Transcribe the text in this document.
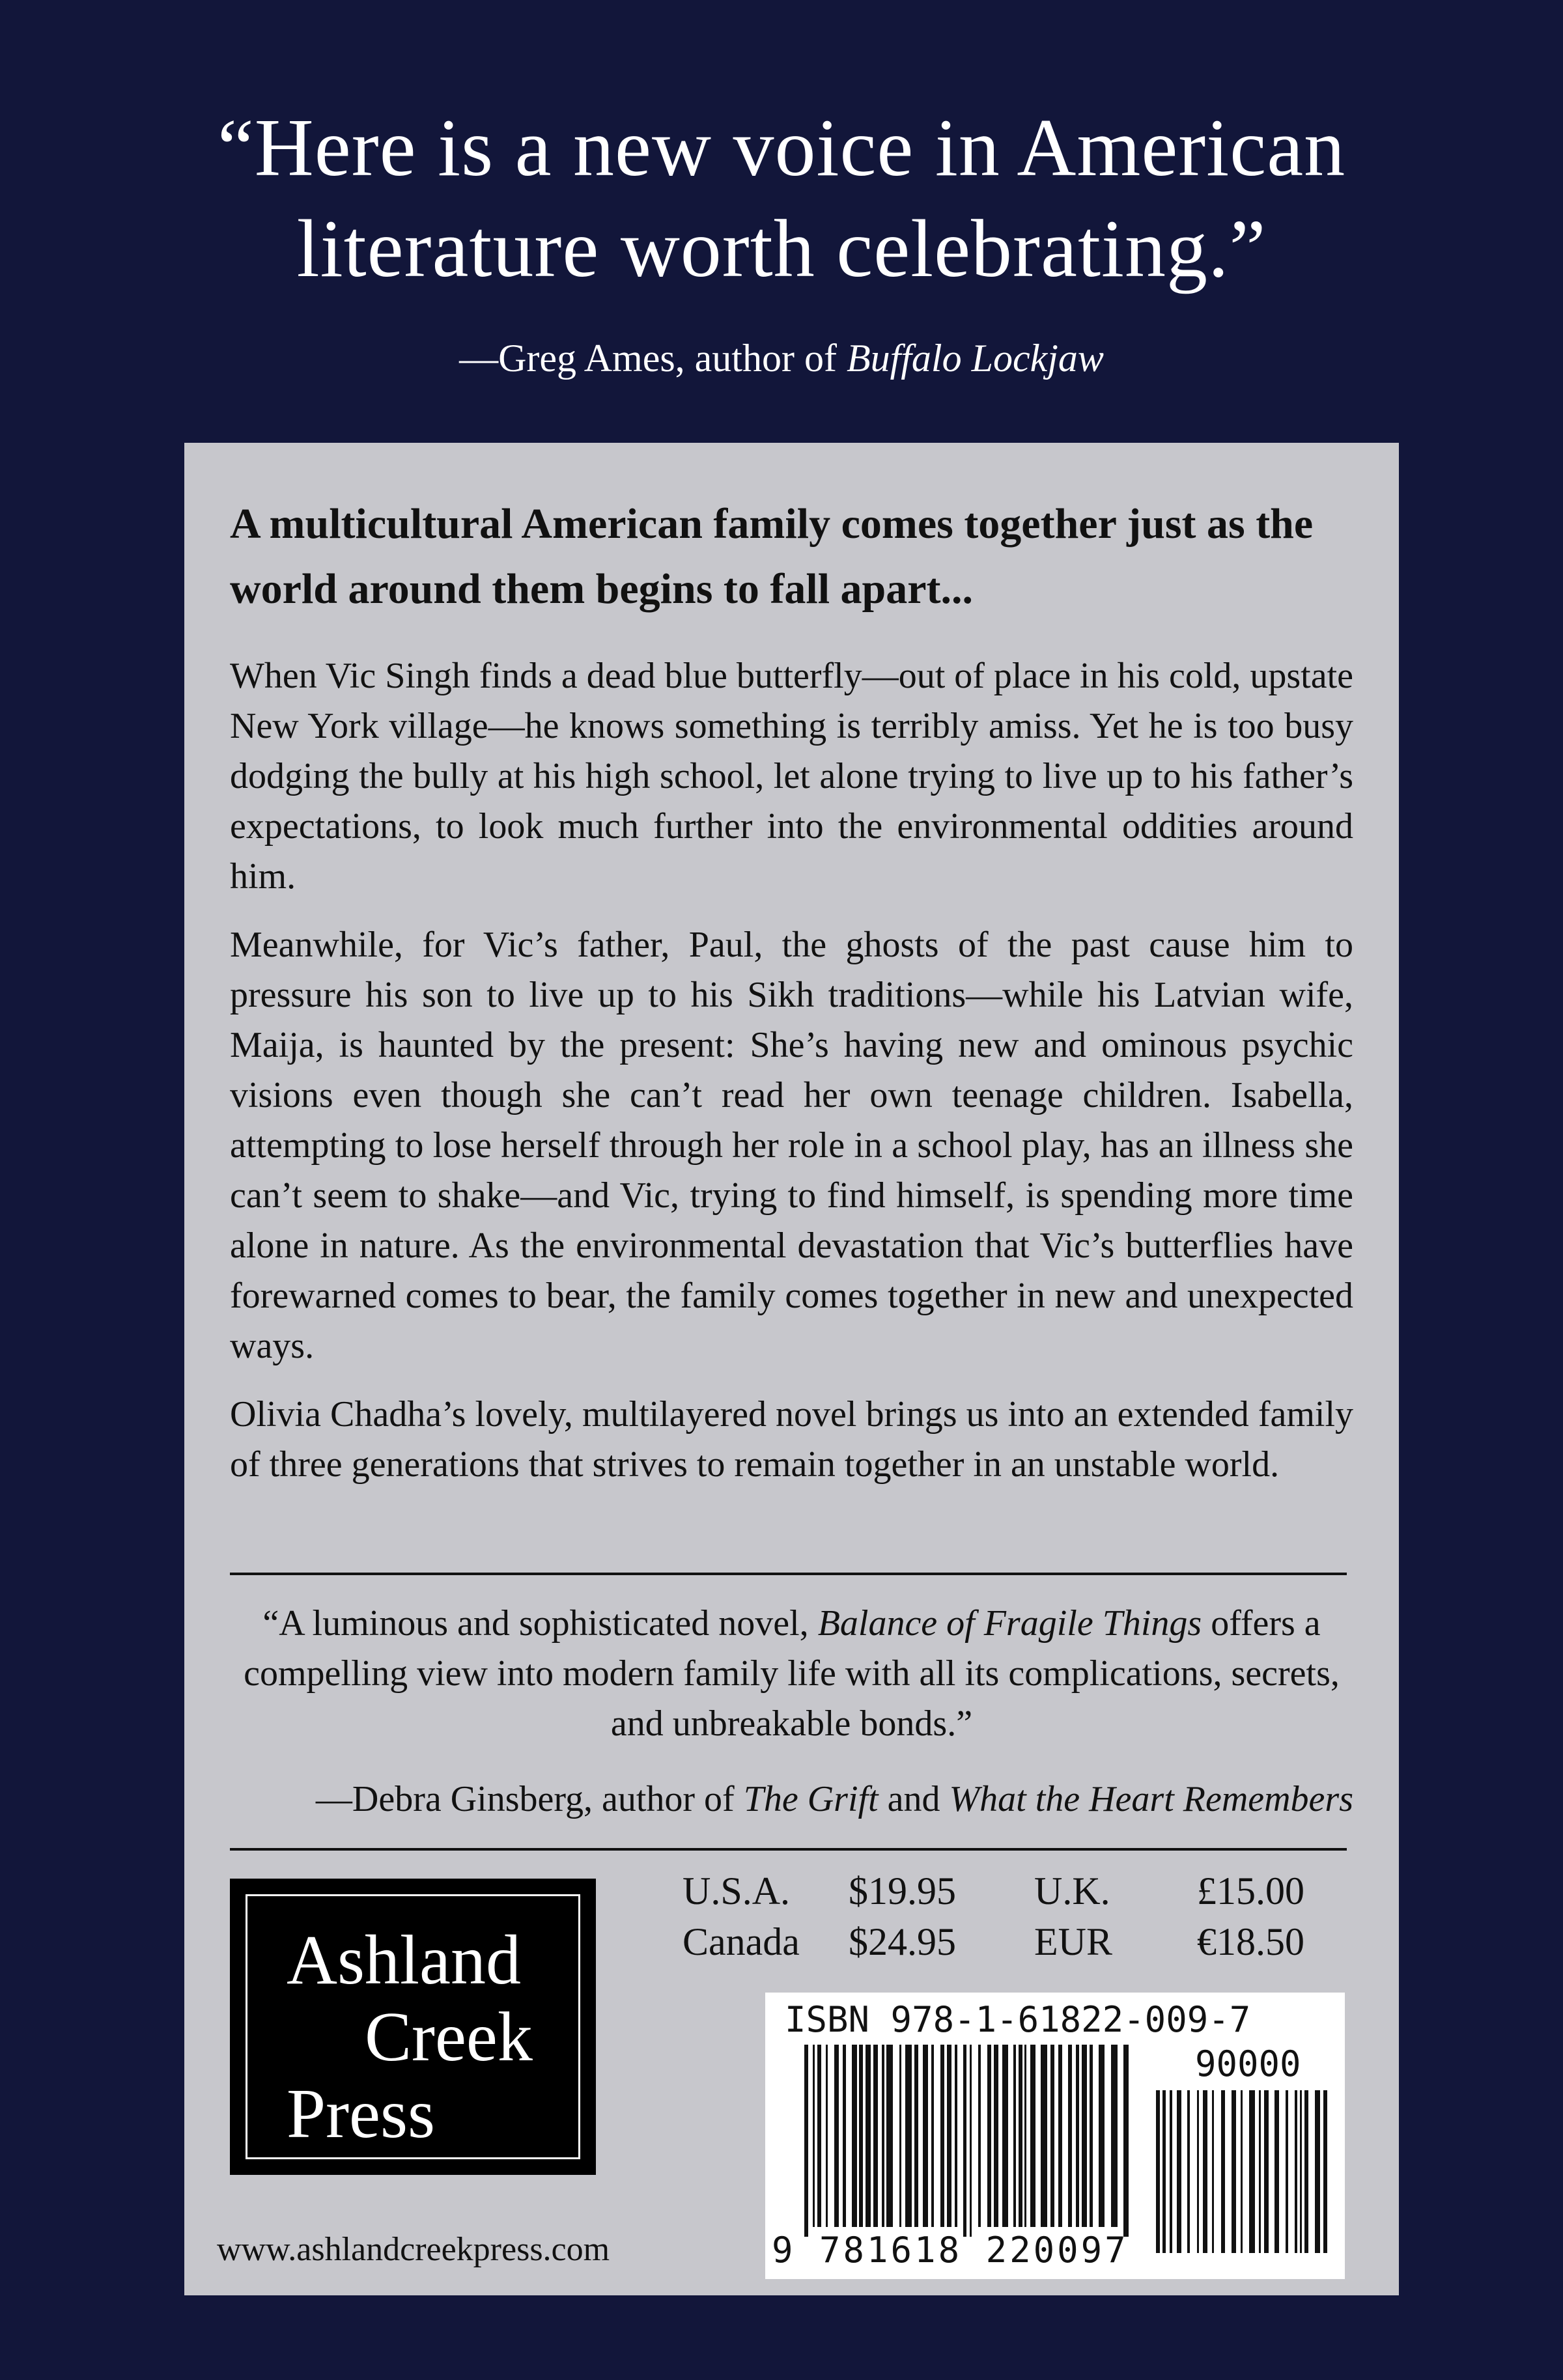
“Here is a new voice in American
literature worth celebrating.”
—Greg Ames, author of Buffalo Lockjaw
A multicultural American family comes together just as the world around them begins to fall apart...

When Vic Singh finds a dead blue butterfly—out of place in his cold, upstate New York village—he knows something is terribly amiss. Yet he is too busy dodging the bully at his high school, let alone trying to live up to his father’s expectations, to look much further into the environmental oddities around him.

Meanwhile, for Vic’s father, Paul, the ghosts of the past cause him to pressure his son to live up to his Sikh traditions—while his Latvian wife, Maija, is haunted by the present: She’s having new and ominous psychic visions even though she can’t read her own teenage children. Isabella, attempting to lose herself through her role in a school play, has an illness she can’t seem to shake—and Vic, trying to find himself, is spending more time alone in nature. As the environmental devastation that Vic’s butterflies have forewarned comes to bear, the family comes together in new and unexpected ways.

Olivia Chadha’s lovely, multilayered novel brings us into an extended family of three generations that strives to remain together in an unstable world.

“A luminous and sophisticated novel, Balance of Fragile Things offers a compelling view into modern family life with all its complications, secrets, and unbreakable bonds.”
—Debra Ginsberg, author of The Grift and What the Heart Remembers
Ashland
Creek
Press
U.S.A.	$19.95	U.K.	£15.00
Canada	$24.95	EUR	€18.50
ISBN 978-1-61822-009-7
90000
9 781618 220097
www.ashlandcreekpress.com
